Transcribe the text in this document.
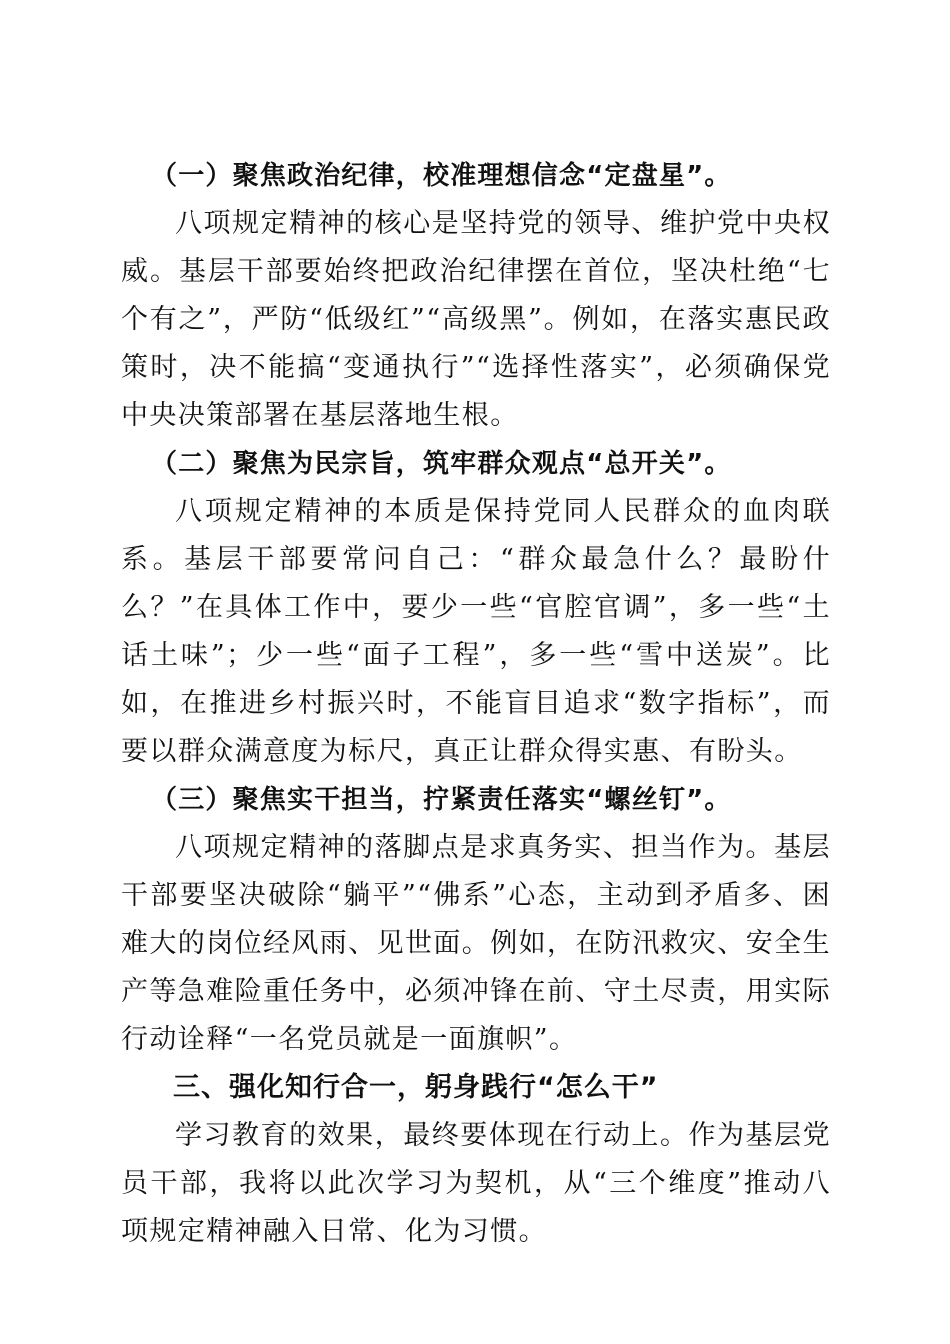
（一）聚焦政治纪律，校准理想信念“定盘星”。

八项规定精神的核心是坚持党的领导、维护党中央权威。基层干部要始终把政治纪律摆在首位，坚决杜绝“七个有之”，严防“低级红”“高级黑”。例如，在落实惠民政策时，决不能搞“变通执行”“选择性落实”，必须确保党中央决策部署在基层落地生根。

（二）聚焦为民宗旨，筑牢群众观点“总开关”。

八项规定精神的本质是保持党同人民群众的血肉联系。基层干部要常问自己：“群众最急什么？最盼什么？”在具体工作中，要少一些“官腔官调”，多一些“土话土味”；少一些“面子工程”，多一些“雪中送炭”。比如，在推进乡村振兴时，不能盲目追求“数字指标”，而要以群众满意度为标尺，真正让群众得实惠、有盼头。

（三）聚焦实干担当，拧紧责任落实“螺丝钉”。

八项规定精神的落脚点是求真务实、担当作为。基层干部要坚决破除“躺平”“佛系”心态，主动到矛盾多、困难大的岗位经风雨、见世面。例如，在防汛救灾、安全生产等急难险重任务中，必须冲锋在前、守土尽责，用实际行动诠释“一名党员就是一面旗帜”。

三、强化知行合一，躬身践行“怎么干”

学习教育的效果，最终要体现在行动上。作为基层党员干部，我将以此次学习为契机，从“三个维度”推动八项规定精神融入日常、化为习惯。
